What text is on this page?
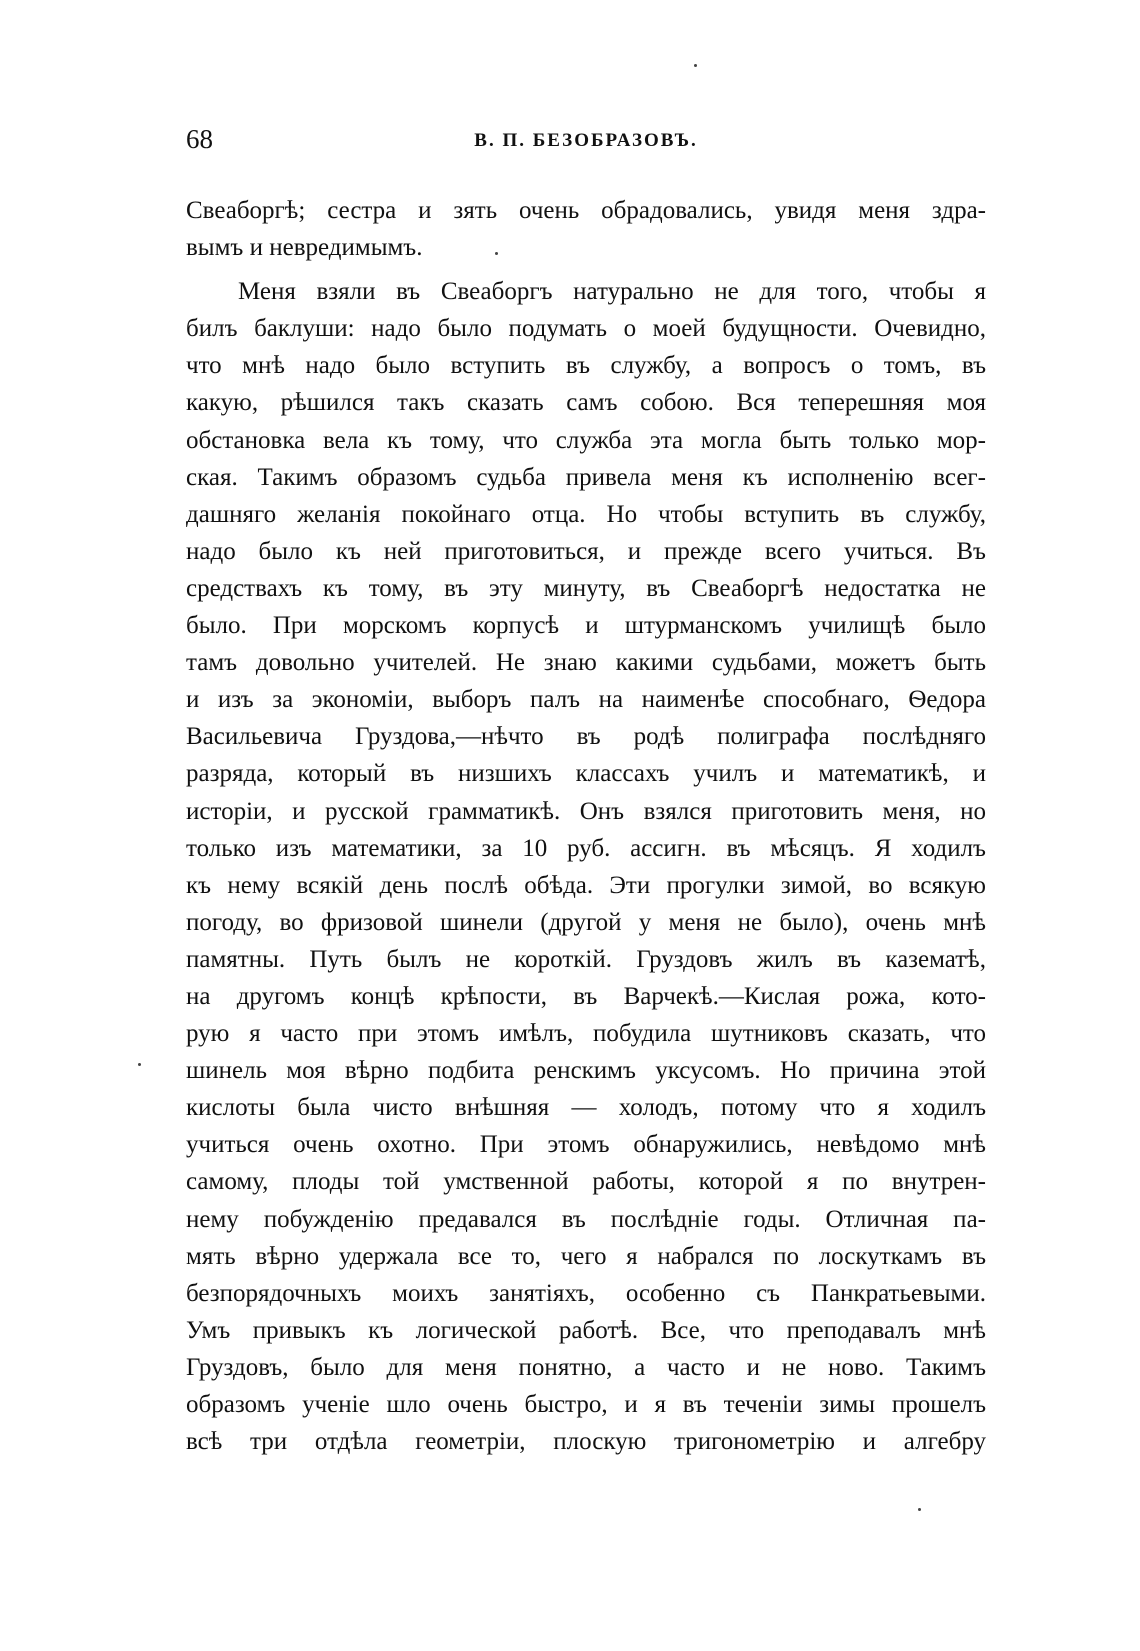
68	В. П. БЕЗОБРАЗОВЪ.
Свеаборгѣ; сестра и зять очень обрадовались, увидя меня здра-
вымъ и невредимымъ.
Меня взяли въ Свеаборгъ натурально не для того, чтобы я
билъ баклуши: надо было подумать о моей будущности. Очевидно,
что мнѣ надо было вступить въ службу, а вопросъ о томъ, въ
какую, рѣшился такъ сказать самъ собою. Вся теперешняя моя
обстановка вела къ тому, что служба эта могла быть только мор-
ская. Такимъ образомъ судьба привела меня къ исполненію всег-
дашняго желанія покойнаго отца. Но чтобы вступить въ службу,
надо было къ ней приготовиться, и прежде всего учиться. Въ
средствахъ къ тому, въ эту минуту, въ Свеаборгѣ недостатка не
было. При морскомъ корпусѣ и штурманскомъ училищѣ было
тамъ довольно учителей. Не знаю какими судьбами, можетъ быть
и изъ за экономіи, выборъ палъ на наименѣе способнаго, Ѳедора
Васильевича Груздова,—нѣчто въ родѣ полиграфа послѣдняго
разряда, который въ низшихъ классахъ училъ и математикѣ, и
исторіи, и русской грамматикѣ. Онъ взялся приготовить меня, но
только изъ математики, за 10 руб. ассигн. въ мѣсяцъ. Я ходилъ
къ нему всякій день послѣ обѣда. Эти прогулки зимой, во всякую
погоду, во фризовой шинели (другой у меня не было), очень мнѣ
памятны. Путь былъ не короткій. Груздовъ жилъ въ казематѣ,
на другомъ концѣ крѣпости, въ Варчекѣ.—Кислая рожа, кото-
рую я часто при этомъ имѣлъ, побудила шутниковъ сказать, что
шинель моя вѣрно подбита ренскимъ уксусомъ. Но причина этой
кислоты была чисто внѣшняя — холодъ, потому что я ходилъ
учиться очень охотно. При этомъ обнаружились, невѣдомо мнѣ
самому, плоды той умственной работы, которой я по внутрен-
нему побужденію предавался въ послѣдніе годы. Отличная па-
мять вѣрно удержала все то, чего я набрался по лоскуткамъ въ
безпорядочныхъ моихъ занятіяхъ, особенно съ Панкратьевыми.
Умъ привыкъ къ логической работѣ. Все, что преподавалъ мнѣ
Груздовъ, было для меня понятно, а часто и не ново. Такимъ
образомъ ученіе шло очень быстро, и я въ теченіи зимы прошелъ
всѣ три отдѣла геометріи, плоскую тригонометрію и алгебру
